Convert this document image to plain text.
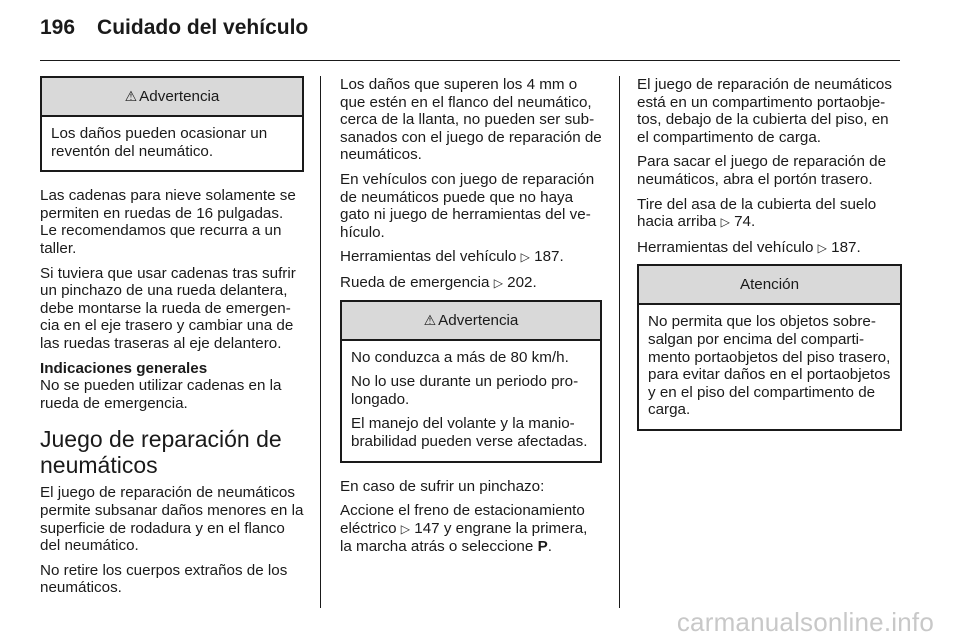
196 Cuidado del vehículo
⚠ Advertencia

Los daños pueden ocasionar un reventón del neumático.

Las cadenas para nieve solamente se permiten en ruedas de 16 pulgadas. Le recomendamos que recurra a un taller.

Si tuviera que usar cadenas tras sufrir un pinchazo de una rueda delantera, debe montarse la rueda de emergencia en el eje trasero y cambiar una de las ruedas traseras al eje delantero.

Indicaciones generales

No se pueden utilizar cadenas en la rueda de emergencia.

Juego de reparación de neumáticos

El juego de reparación de neumáticos permite subsanar daños menores en la superficie de rodadura y en el flanco del neumático.

No retire los cuerpos extraños de los neumáticos.

Los daños que superen los 4 mm o que estén en el flanco del neumático, cerca de la llanta, no pueden ser subsanados con el juego de reparación de neumáticos.

En vehículos con juego de reparación de neumáticos puede que no haya gato ni juego de herramientas del vehículo.

Herramientas del vehículo ▷ 187.

Rueda de emergencia ▷ 202.

⚠ Advertencia

No conduzca a más de 80 km/h.

No lo use durante un periodo prolongado.

El manejo del volante y la maniobrabilidad pueden verse afectadas.

En caso de sufrir un pinchazo:

Accione el freno de estacionamiento eléctrico ▷ 147 y engrane la primera, la marcha atrás o seleccione P.

El juego de reparación de neumáticos está en un compartimento portaobjetos, debajo de la cubierta del piso, en el compartimento de carga.

Para sacar el juego de reparación de neumáticos, abra el portón trasero.

Tire del asa de la cubierta del suelo hacia arriba ▷ 74.

Herramientas del vehículo ▷ 187.

Atención

No permita que los objetos sobresalgan por encima del compartimento portaobjetos del piso trasero, para evitar daños en el portaobjetos y en el piso del compartimento de carga.

carmanualsonline.info
